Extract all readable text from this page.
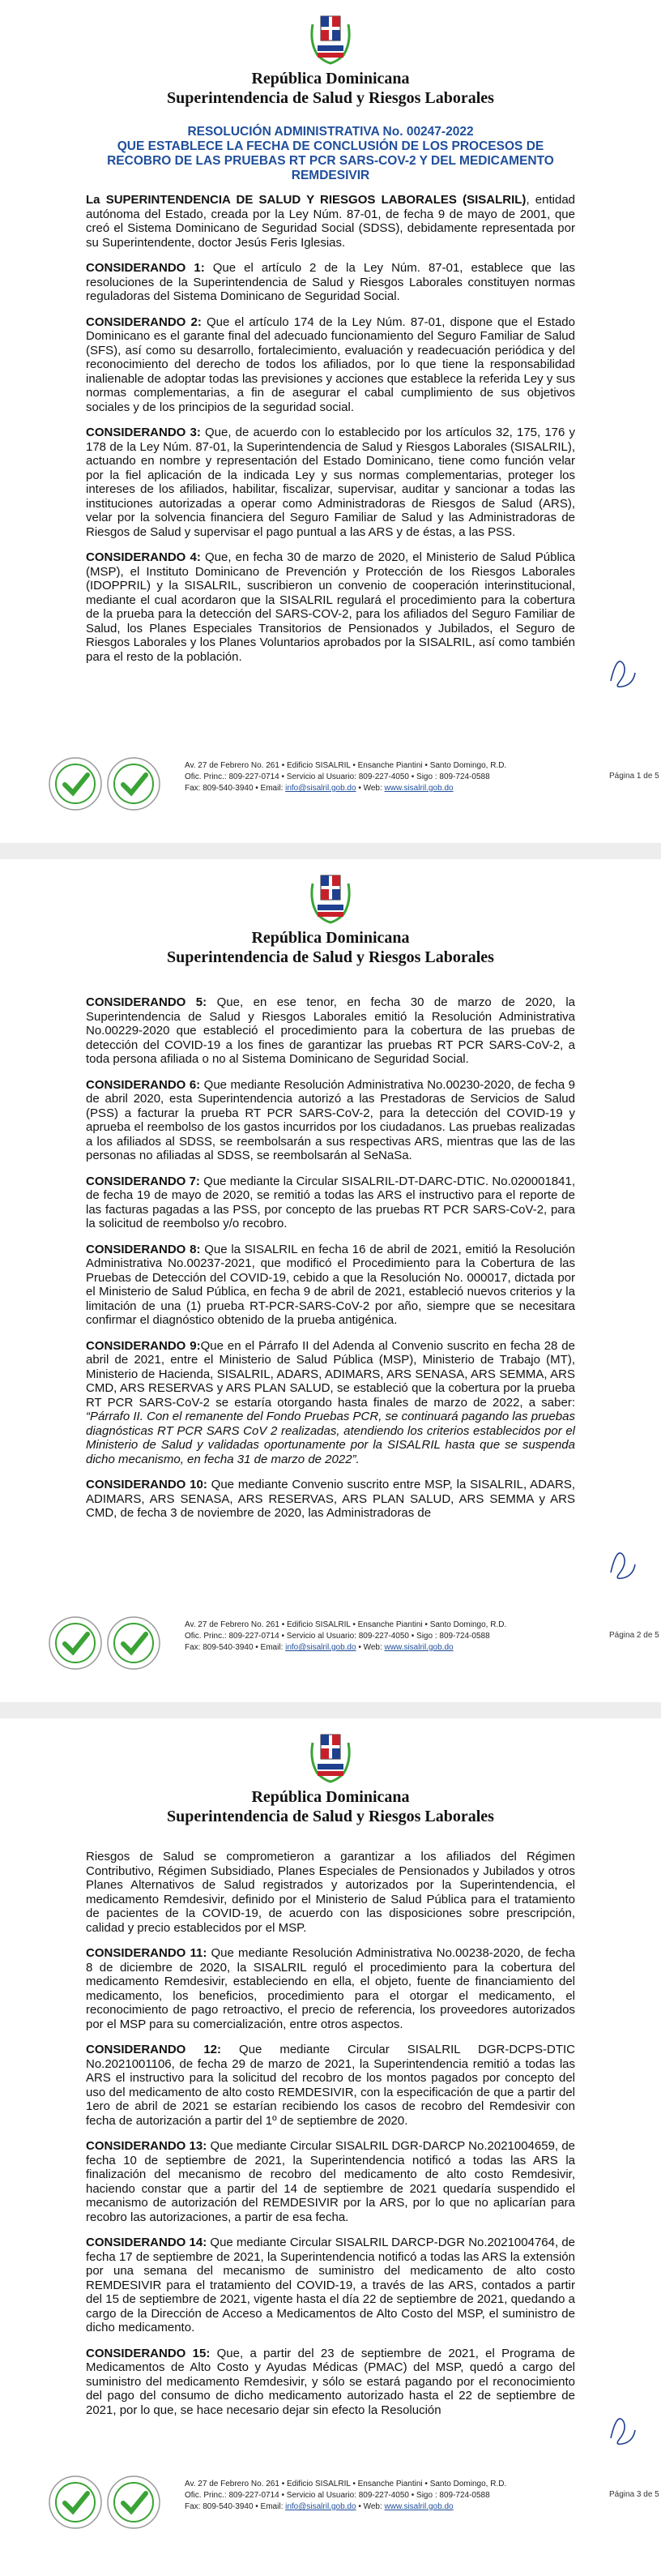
República Dominicana
Superintendencia de Salud y Riesgos Laborales
RESOLUCIÓN ADMINISTRATIVA No. 00247-2022
QUE ESTABLECE LA FECHA DE CONCLUSIÓN DE LOS PROCESOS DE
RECOBRO DE LAS PRUEBAS RT PCR SARS-COV-2 Y DEL MEDICAMENTO
REMDESIVIR

La SUPERINTENDENCIA DE SALUD Y RIESGOS LABORALES (SISALRIL), entidad autónoma del Estado, creada por la Ley Núm. 87-01, de fecha 9 de mayo de 2001, que creó el Sistema Dominicano de Seguridad Social (SDSS), debidamente representada por su Superintendente, doctor Jesús Feris Iglesias.

CONSIDERANDO 1: Que el artículo 2 de la Ley Núm. 87-01, establece que las resoluciones de la Superintendencia de Salud y Riesgos Laborales constituyen normas reguladoras del Sistema Dominicano de Seguridad Social.

CONSIDERANDO 2: Que el artículo 174 de la Ley Núm. 87-01, dispone que el Estado Dominicano es el garante final del adecuado funcionamiento del Seguro Familiar de Salud (SFS), así como su desarrollo, fortalecimiento, evaluación y readecuación periódica y del reconocimiento del derecho de todos los afiliados, por lo que tiene la responsabilidad inalienable de adoptar todas las previsiones y acciones que establece la referida Ley y sus normas complementarias, a fin de asegurar el cabal cumplimiento de sus objetivos sociales y de los principios de la seguridad social.

CONSIDERANDO 3: Que, de acuerdo con lo establecido por los artículos 32, 175, 176 y 178 de la Ley Núm. 87-01, la Superintendencia de Salud y Riesgos Laborales (SISALRIL), actuando en nombre y representación del Estado Dominicano, tiene como función velar por la fiel aplicación de la indicada Ley y sus normas complementarias, proteger los intereses de los afiliados, habilitar, fiscalizar, supervisar, auditar y sancionar a todas las instituciones autorizadas a operar como Administradoras de Riesgos de Salud (ARS), velar por la solvencia financiera del Seguro Familiar de Salud y las Administradoras de Riesgos de Salud y supervisar el pago puntual a las ARS y de éstas, a las PSS.

CONSIDERANDO 4: Que, en fecha 30 de marzo de 2020, el Ministerio de Salud Pública (MSP), el Instituto Dominicano de Prevención y Protección de los Riesgos Laborales (IDOPPRIL) y la SISALRIL, suscribieron un convenio de cooperación interinstitucional, mediante el cual acordaron que la SISALRIL regulará el procedimiento para la cobertura de la prueba para la detección del SARS-COV-2, para los afiliados del Seguro Familiar de Salud, los Planes Especiales Transitorios de Pensionados y Jubilados, el Seguro de Riesgos Laborales y los Planes Voluntarios aprobados por la SISALRIL, así como también para el resto de la población.

Av. 27 de Febrero No. 261 • Edificio SISALRIL • Ensanche Piantini • Santo Domingo, R.D.
Ofic. Princ.: 809-227-0714 • Servicio al Usuario: 809-227-4050 • Sigo : 809-724-0588
Fax: 809-540-3940 • Email: info@sisalril.gob.do • Web: www.sisalril.gob.do
Página 1 de 5
República Dominicana
Superintendencia de Salud y Riesgos Laborales

CONSIDERANDO 5: Que, en ese tenor, en fecha 30 de marzo de 2020, la Superintendencia de Salud y Riesgos Laborales emitió la Resolución Administrativa No.00229-2020 que estableció el procedimiento para la cobertura de las pruebas de detección del COVID-19 a los fines de garantizar las pruebas RT PCR SARS-CoV-2, a toda persona afiliada o no al Sistema Dominicano de Seguridad Social.

CONSIDERANDO 6: Que mediante Resolución Administrativa No.00230-2020, de fecha 9 de abril 2020, esta Superintendencia autorizó a las Prestadoras de Servicios de Salud (PSS) a facturar la prueba RT PCR SARS-CoV-2, para la detección del COVID-19 y aprueba el reembolso de los gastos incurridos por los ciudadanos. Las pruebas realizadas a los afiliados al SDSS, se reembolsarán a sus respectivas ARS, mientras que las de las personas no afiliadas al SDSS, se reembolsarán al SeNaSa.

CONSIDERANDO 7: Que mediante la Circular SISALRIL-DT-DARC-DTIC. No.020001841, de fecha 19 de mayo de 2020, se remitió a todas las ARS el instructivo para el reporte de las facturas pagadas a las PSS, por concepto de las pruebas RT PCR SARS-CoV-2, para la solicitud de reembolso y/o recobro.

CONSIDERANDO 8: Que la SISALRIL en fecha 16 de abril de 2021, emitió la Resolución Administrativa No.00237-2021, que modificó el Procedimiento para la Cobertura de las Pruebas de Detección del COVID-19, cebido a que la Resolución No. 000017, dictada por el Ministerio de Salud Pública, en fecha 9 de abril de 2021, estableció nuevos criterios y la limitación de una (1) prueba RT-PCR-SARS-CoV-2 por año, siempre que se necesitara confirmar el diagnóstico obtenido de la prueba antigénica.

CONSIDERANDO 9:Que en el Párrafo II del Adenda al Convenio suscrito en fecha 28 de abril de 2021, entre el Ministerio de Salud Pública (MSP), Ministerio de Trabajo (MT), Ministerio de Hacienda, SISALRIL, ADARS, ADIMARS, ARS SENASA, ARS SEMMA, ARS CMD, ARS RESERVAS y ARS PLAN SALUD, se estableció que la cobertura por la prueba RT PCR SARS-CoV-2 se estaría otorgando hasta finales de marzo de 2022, a saber: “Párrafo II. Con el remanente del Fondo Pruebas PCR, se continuará pagando las pruebas diagnósticas RT PCR SARS CoV 2 realizadas, atendiendo los criterios establecidos por el Ministerio de Salud y validadas oportunamente por la SISALRIL hasta que se suspenda dicho mecanismo, en fecha 31 de marzo de 2022”.

CONSIDERANDO 10: Que mediante Convenio suscrito entre MSP, la SISALRIL, ADARS, ADIMARS, ARS SENASA, ARS RESERVAS, ARS PLAN SALUD, ARS SEMMA y ARS CMD, de fecha 3 de noviembre de 2020, las Administradoras de

Av. 27 de Febrero No. 261 • Edificio SISALRIL • Ensanche Piantini • Santo Domingo, R.D.
Ofic. Princ.: 809-227-0714 • Servicio al Usuario: 809-227-4050 • Sigo : 809-724-0588
Fax: 809-540-3940 • Email: info@sisalril.gob.do • Web: www.sisalril.gob.do
Página 2 de 5
República Dominicana
Superintendencia de Salud y Riesgos Laborales

Riesgos de Salud se comprometieron a garantizar a los afiliados del Régimen Contributivo, Régimen Subsidiado, Planes Especiales de Pensionados y Jubilados y otros Planes Alternativos de Salud registrados y autorizados por la Superintendencia, el medicamento Remdesivir, definido por el Ministerio de Salud Pública para el tratamiento de pacientes de la COVID-19, de acuerdo con las disposiciones sobre prescripción, calidad y precio establecidos por el MSP.

CONSIDERANDO 11: Que mediante Resolución Administrativa No.00238-2020, de fecha 8 de diciembre de 2020, la SISALRIL reguló el procedimiento para la cobertura del medicamento Remdesivir, estableciendo en ella, el objeto, fuente de financiamiento del medicamento, los beneficios, procedimiento para el otorgar el medicamento, el reconocimiento de pago retroactivo, el precio de referencia, los proveedores autorizados por el MSP para su comercialización, entre otros aspectos.

CONSIDERANDO 12: Que mediante Circular SISALRIL DGR-DCPS-DTIC No.2021001106, de fecha 29 de marzo de 2021, la Superintendencia remitió a todas las ARS el instructivo para la solicitud del recobro de los montos pagados por concepto del uso del medicamento de alto costo REMDESIVIR, con la especificación de que a partir del 1ero de abril de 2021 se estarían recibiendo los casos de recobro del Remdesivir con fecha de autorización a partir del 1º de septiembre de 2020.

CONSIDERANDO 13: Que mediante Circular SISALRIL DGR-DARCP No.2021004659, de fecha 10 de septiembre de 2021, la Superintendencia notificó a todas las ARS la finalización del mecanismo de recobro del medicamento de alto costo Remdesivir, haciendo constar que a partir del 14 de septiembre de 2021 quedaría suspendido el mecanismo de autorización del REMDESIVIR por la ARS, por lo que no aplicarían para recobro las autorizaciones, a partir de esa fecha.

CONSIDERANDO 14: Que mediante Circular SISALRIL DARCP-DGR No.2021004764, de fecha 17 de septiembre de 2021, la Superintendencia notificó a todas las ARS la extensión por una semana del mecanismo de suministro del medicamento de alto costo REMDESIVIR para el tratamiento del COVID-19, a través de las ARS, contados a partir del 15 de septiembre de 2021, vigente hasta el día 22 de septiembre de 2021, quedando a cargo de la Dirección de Acceso a Medicamentos de Alto Costo del MSP, el suministro de dicho medicamento.

CONSIDERANDO 15: Que, a partir del 23 de septiembre de 2021, el Programa de Medicamentos de Alto Costo y Ayudas Médicas (PMAC) del MSP, quedó a cargo del suministro del medicamento Remdesivir, y sólo se estará pagando por el reconocimiento del pago del consumo de dicho medicamento autorizado hasta el 22 de septiembre de 2021, por lo que, se hace necesario dejar sin efecto la Resolución

Av. 27 de Febrero No. 261 • Edificio SISALRIL • Ensanche Piantini • Santo Domingo, R.D.
Ofic. Princ.: 809-227-0714 • Servicio al Usuario: 809-227-4050 • Sigo : 809-724-0588
Fax: 809-540-3940 • Email: info@sisalril.gob.do • Web: www.sisalril.gob.do
Página 3 de 5
